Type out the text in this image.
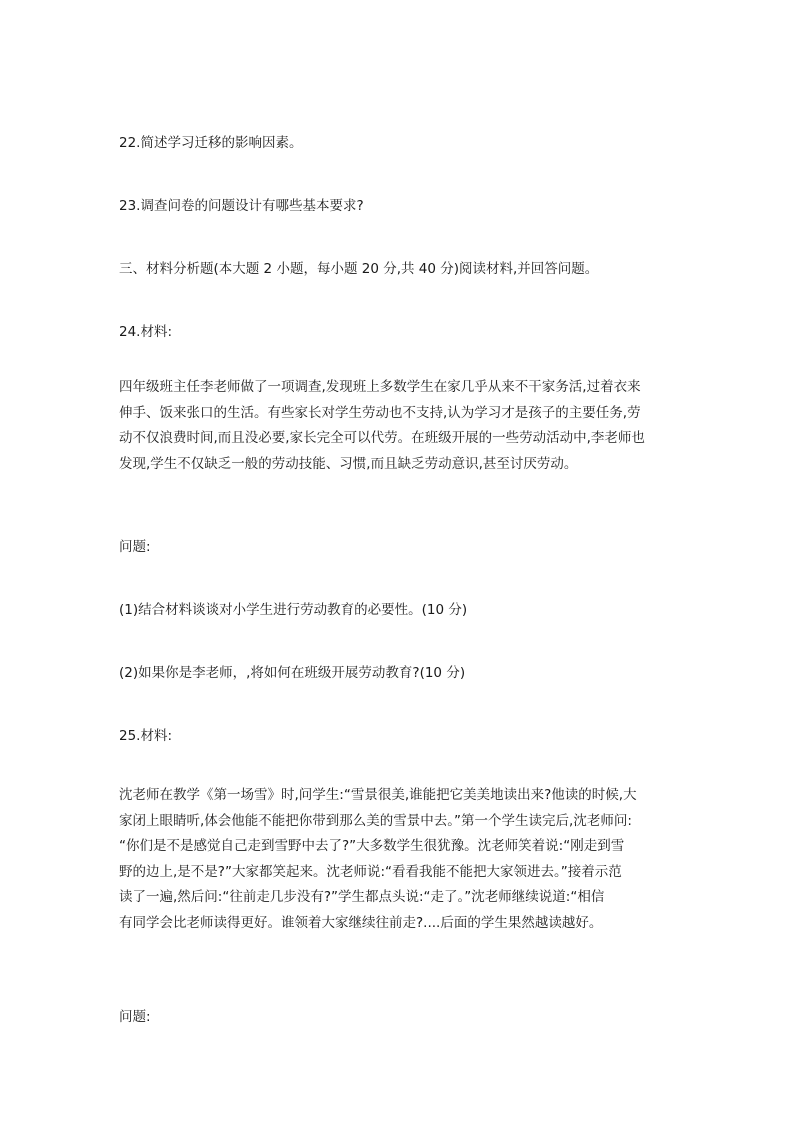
22.简述学习迁移的影响因素。
23.调查问卷的问题设计有哪些基本要求?
三、材料分析题(本大题 2 小题，每小题 20 分,共 40 分)阅读材料,并回答问题。
24.材料:
四年级班主任李老师做了一项调查,发现班上多数学生在家几乎从来不干家务活,过着衣来
伸手、饭来张口的生活。有些家长对学生劳动也不支持,认为学习才是孩子的主要任务,劳
动不仅浪费时间,而且没必要,家长完全可以代劳。在班级开展的一些劳动活动中,李老师也
发现,学生不仅缺乏一般的劳动技能、习惯,而且缺乏劳动意识,甚至讨厌劳动。
问题:
(1)结合材料谈谈对小学生进行劳动教育的必要性。(10 分)
(2)如果你是李老师，,将如何在班级开展劳动教育?(10 分)
25.材料:
沈老师在教学《第一场雪》时,问学生:“雪景很美,谁能把它美美地读出来?他读的时候,大
家闭上眼睛听,体会他能不能把你带到那么美的雪景中去。”第一个学生读完后,沈老师问:
“你们是不是感觉自己走到雪野中去了?”大多数学生很犹豫。沈老师笑着说:“刚走到雪
野的边上,是不是?”大家都笑起来。沈老师说:“看看我能不能把大家领进去。”接着示范
读了一遍,然后问:“往前走几步没有?”学生都点头说:“走了。”沈老师继续说道:“相信
有同学会比老师读得更好。谁领着大家继续往前走?....后面的学生果然越读越好。
问题:
